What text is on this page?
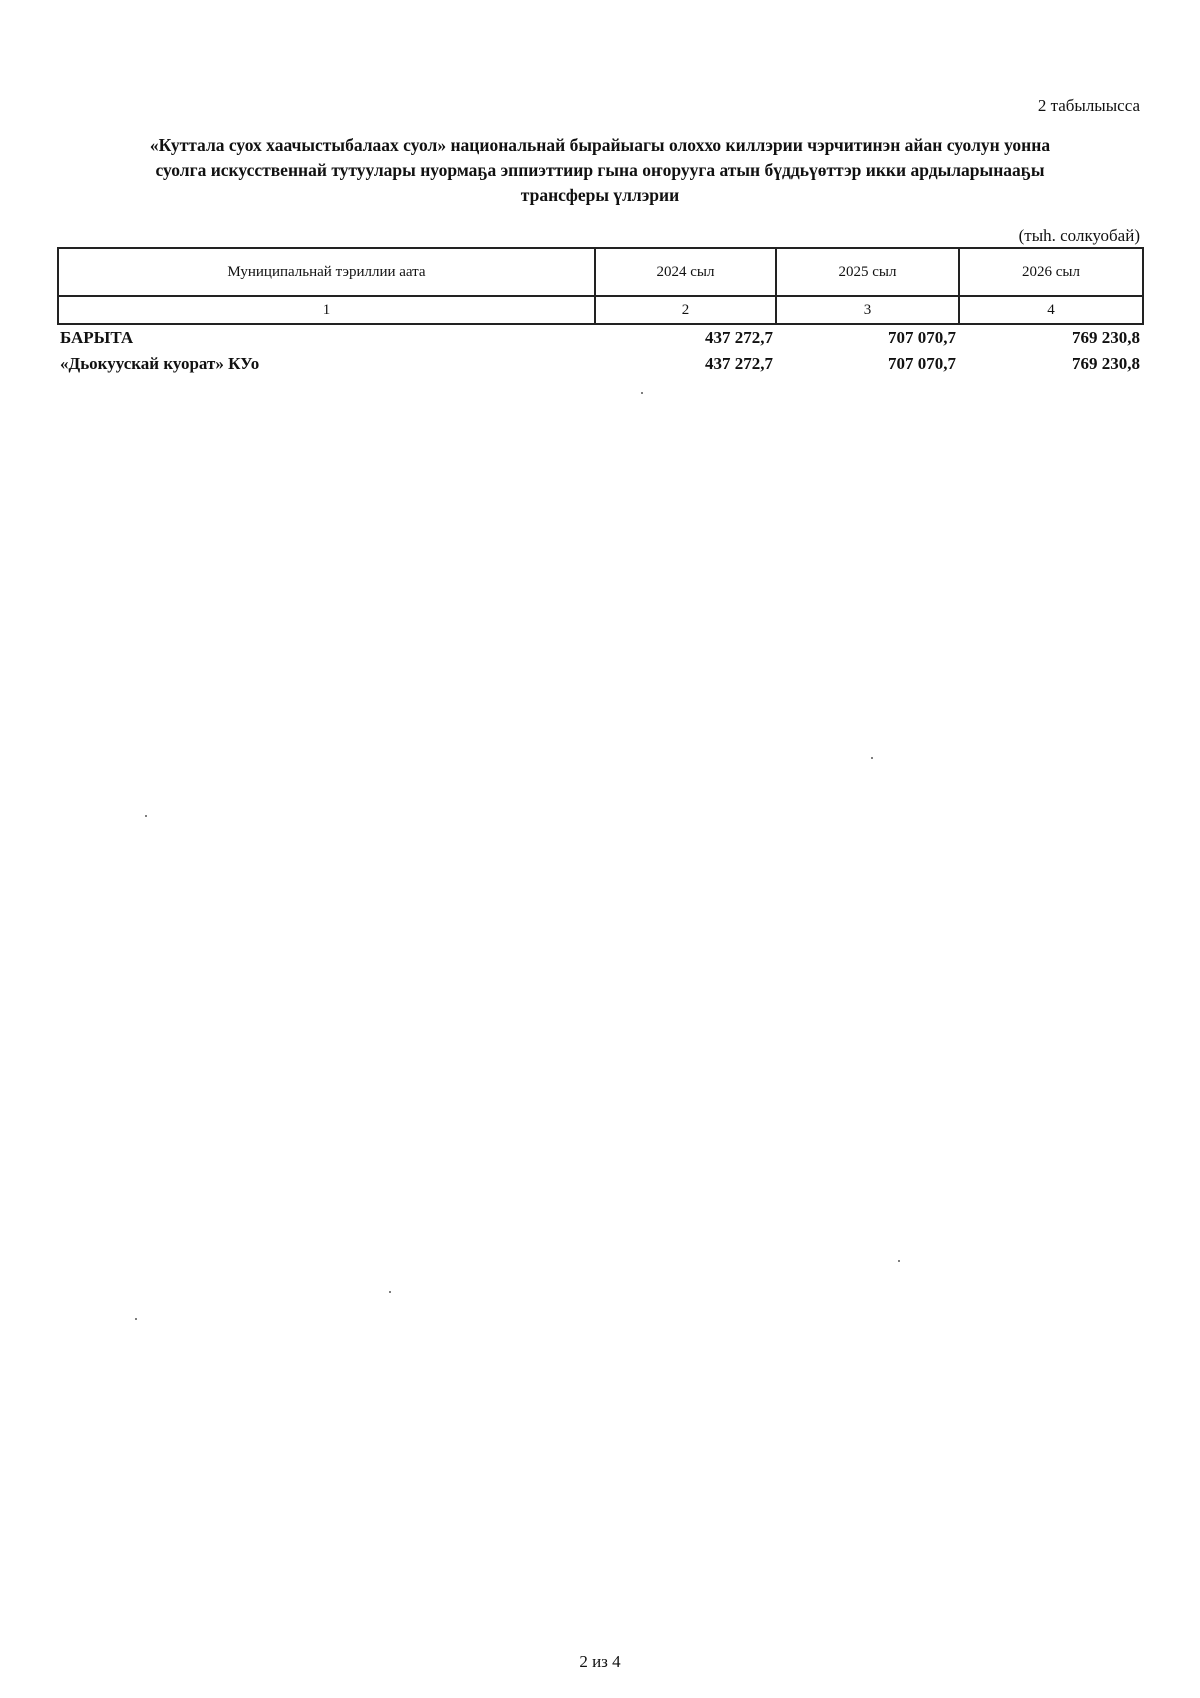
2 табылыысса
«Куттала суох хаачыстыбалаах суол» национальнай бырайыагы олоххо киллэрии чэрчитинэн айан суолун уонна
суолга искусственнай тутуулары нуормаҕа эппиэттиир гына оҥоруугa атын бүддьүөттэр икки ардыларынааҕы
трансферы үллэрии
(тыһ. солкуобай)
Муниципальнай тэриллии аата	2024 сыл	2025 сыл	2026 сыл
1	2	3	4
БАРЫТА	437 272,7	707 070,7	769 230,8
«Дьокуускай куорат» КУо	437 272,7	707 070,7	769 230,8
2 из 4
